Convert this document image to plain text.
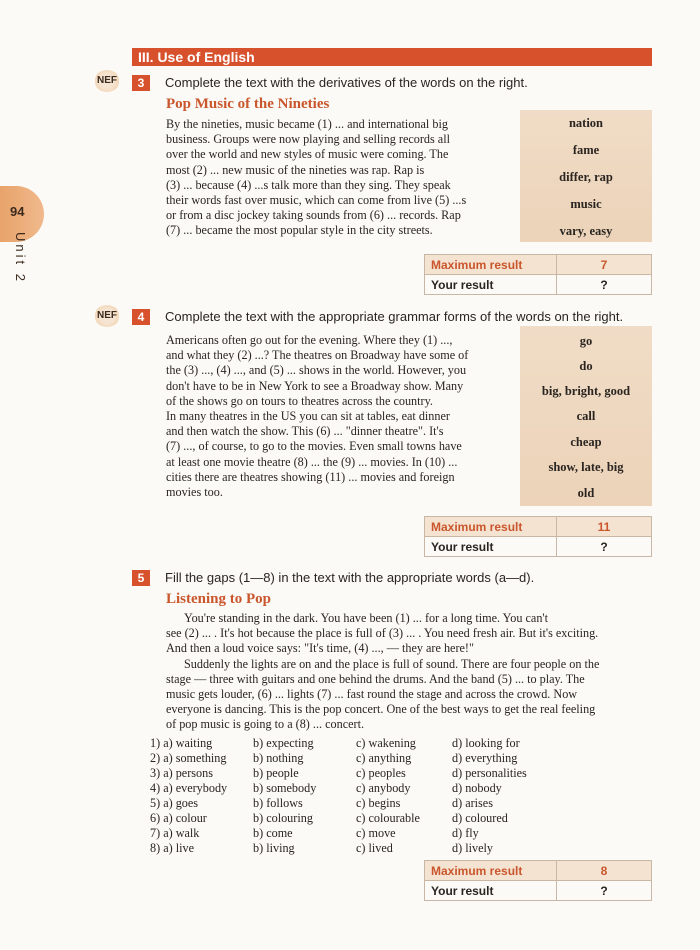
94
Unit 2
III. Use of English
NEF	3	Complete the text with the derivatives of the words on the right.
Pop Music of the Nineties
By the nineties, music became (1) ... and international big
business. Groups were now playing and selling records all
over the world and new styles of music were coming. The
most (2) ... new music of the nineties was rap. Rap is
(3) ... because (4) ...s talk more than they sing. They speak
their words fast over music, which can come from live (5) ...s
or from a disc jockey taking sounds from (6) ... records. Rap
(7) ... became the most popular style in the city streets.
nation
fame
differ, rap
music
vary, easy
Maximum result	7
Your result	?
NEF	4	Complete the text with the appropriate grammar forms of the words on the right.
Americans often go out for the evening. Where they (1) ...,
and what they (2) ...? The theatres on Broadway have some of
the (3) ..., (4) ..., and (5) ... shows in the world. However, you
don't have to be in New York to see a Broadway show. Many
of the shows go on tours to theatres across the country.
In many theatres in the US you can sit at tables, eat dinner
and then watch the show. This (6) ... "dinner theatre". It's
(7) ..., of course, to go to the movies. Even small towns have
at least one movie theatre (8) ... the (9) ... movies. In (10) ...
cities there are theatres showing (11) ... movies and foreign
movies too.
go
do
big, bright, good
call
cheap
show, late, big
old
Maximum result	11
Your result	?
5	Fill the gaps (1—8) in the text with the appropriate words (a—d).
Listening to Pop
You're standing in the dark. You have been (1) ... for a long time. You can't
see (2) ... . It's hot because the place is full of (3) ... . You need fresh air. But it's exciting.
And then a loud voice says: "It's time, (4) ..., — they are here!"
Suddenly the lights are on and the place is full of sound. There are four people on the
stage — three with guitars and one behind the drums. And the band (5) ... to play. The
music gets louder, (6) ... lights (7) ... fast round the stage and across the crowd. Now
everyone is dancing. This is the pop concert. One of the best ways to get the real feeling
of pop music is going to a (8) ... concert.
1) a) waiting	b) expecting	c) wakening	d) looking for
2) a) something	b) nothing	c) anything	d) everything
3) a) persons	b) people	c) peoples	d) personalities
4) a) everybody	b) somebody	c) anybody	d) nobody
5) a) goes	b) follows	c) begins	d) arises
6) a) colour	b) colouring	c) colourable	d) coloured
7) a) walk	b) come	c) move	d) fly
8) a) live	b) living	c) lived	d) lively
Maximum result	8
Your result	?
